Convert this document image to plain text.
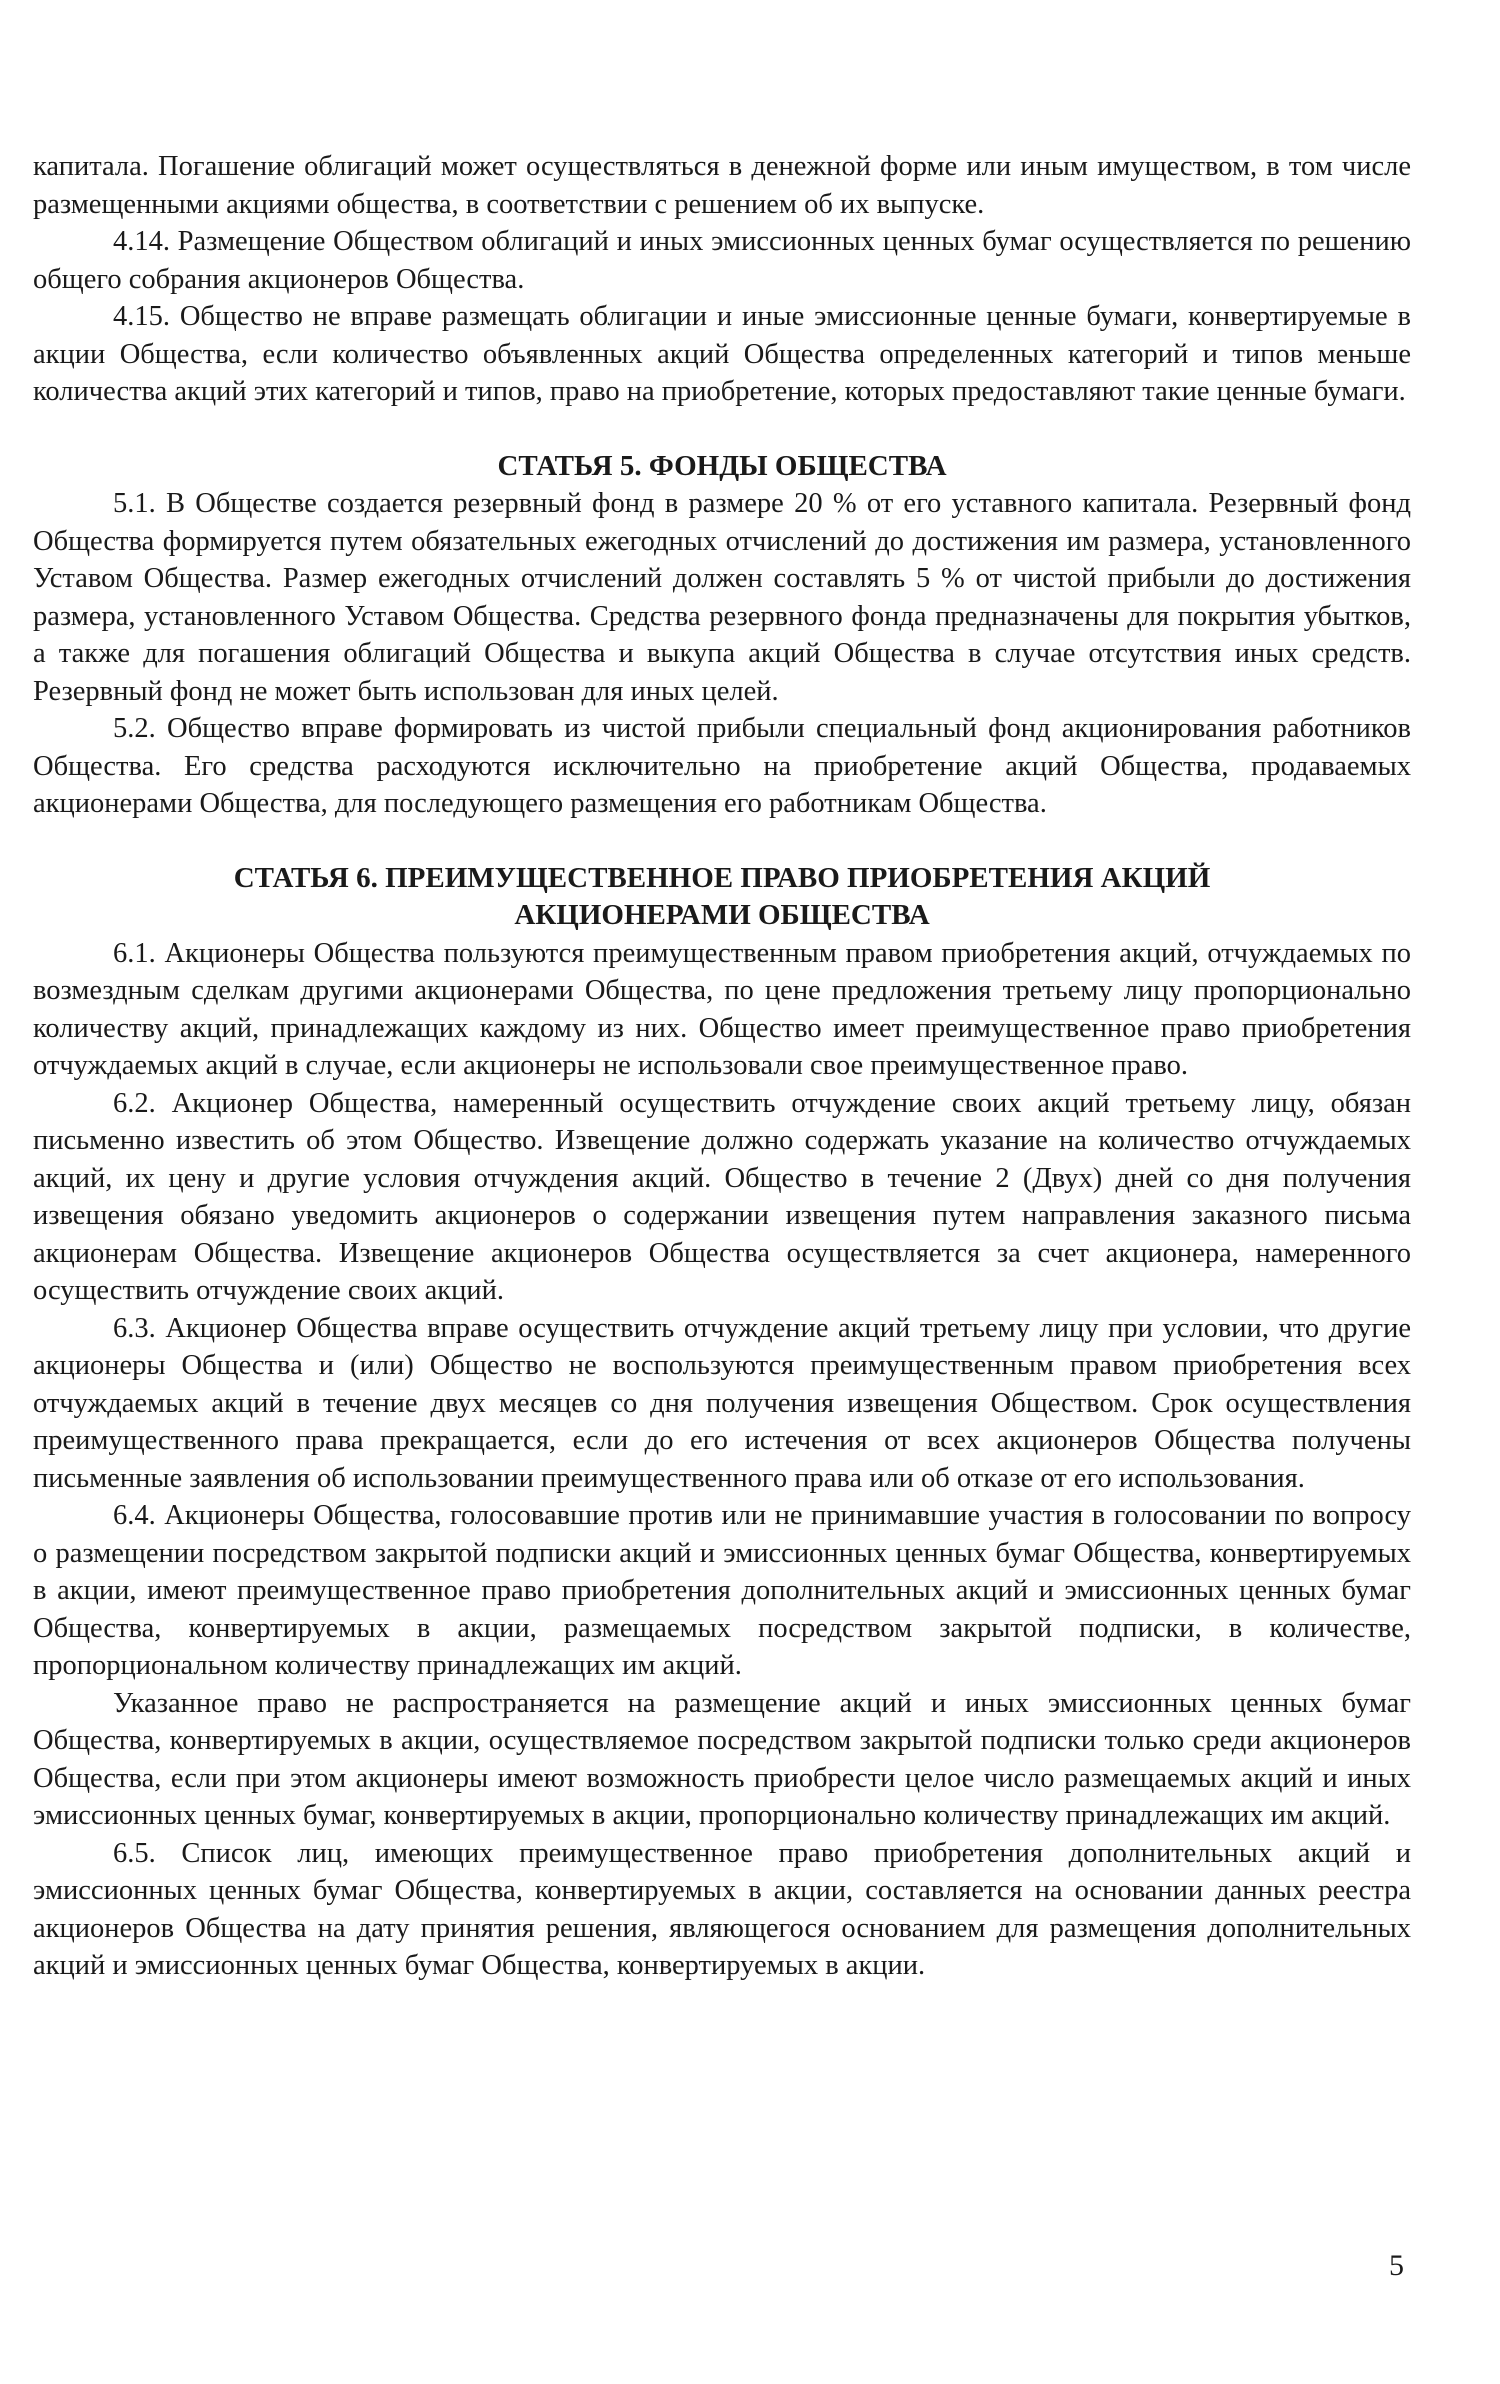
капитала. Погашение облигаций может осуществляться в денежной форме или иным имуществом, в том числе размещенными акциями общества, в соответствии с решением об их выпуске.

4.14. Размещение Обществом облигаций и иных эмиссионных ценных бумаг осуществляется по решению общего собрания акционеров Общества.

4.15. Общество не вправе размещать облигации и иные эмиссионные ценные бумаги, конвертируемые в акции Общества, если количество объявленных акций Общества определенных категорий и типов меньше количества акций этих категорий и типов, право на приобретение, которых предоставляют такие ценные бумаги.

СТАТЬЯ 5. ФОНДЫ ОБЩЕСТВА

5.1. В Обществе создается резервный фонд в размере 20 % от его уставного капитала. Резервный фонд Общества формируется путем обязательных ежегодных отчислений до достижения им размера, установленного Уставом Общества. Размер ежегодных отчислений должен составлять 5 % от чистой прибыли до достижения размера, установленного Уставом Общества. Средства резервного фонда предназначены для покрытия убытков, а также для погашения облигаций Общества и выкупа акций Общества в случае отсутствия иных средств. Резервный фонд не может быть использован для иных целей.

5.2. Общество вправе формировать из чистой прибыли специальный фонд акционирования работников Общества. Его средства расходуются исключительно на приобретение акций Общества, продаваемых акционерами Общества, для последующего размещения его работникам Общества.

СТАТЬЯ 6. ПРЕИМУЩЕСТВЕННОЕ ПРАВО ПРИОБРЕТЕНИЯ АКЦИЙ
АКЦИОНЕРАМИ ОБЩЕСТВА

6.1. Акционеры Общества пользуются преимущественным правом приобретения акций, отчуждаемых по возмездным сделкам другими акционерами Общества, по цене предложения третьему лицу пропорционально количеству акций, принадлежащих каждому из них. Общество имеет преимущественное право приобретения отчуждаемых акций в случае, если акционеры не использовали свое преимущественное право.

6.2. Акционер Общества, намеренный осуществить отчуждение своих акций третьему лицу, обязан письменно известить об этом Общество. Извещение должно содержать указание на количество отчуждаемых акций, их цену и другие условия отчуждения акций. Общество в течение 2 (Двух) дней со дня получения извещения обязано уведомить акционеров о содержании извещения путем направления заказного письма акционерам Общества. Извещение акционеров Общества осуществляется за счет акционера, намеренного осуществить отчуждение своих акций.

6.3. Акционер Общества вправе осуществить отчуждение акций третьему лицу при условии, что другие акционеры Общества и (или) Общество не воспользуются преимущественным правом приобретения всех отчуждаемых акций в течение двух месяцев со дня получения извещения Обществом. Срок осуществления преимущественного права прекращается, если до его истечения от всех акционеров Общества получены письменные заявления об использовании преимущественного права или об отказе от его использования.

6.4. Акционеры Общества, голосовавшие против или не принимавшие участия в голосовании по вопросу о размещении посредством закрытой подписки акций и эмиссионных ценных бумаг Общества, конвертируемых в акции, имеют преимущественное право приобретения дополнительных акций и эмиссионных ценных бумаг Общества, конвертируемых в акции, размещаемых посредством закрытой подписки, в количестве, пропорциональном количеству принадлежащих им акций.

Указанное право не распространяется на размещение акций и иных эмиссионных ценных бумаг Общества, конвертируемых в акции, осуществляемое посредством закрытой подписки только среди акционеров Общества, если при этом акционеры имеют возможность приобрести целое число размещаемых акций и иных эмиссионных ценных бумаг, конвертируемых в акции, пропорционально количеству принадлежащих им акций.

6.5. Список лиц, имеющих преимущественное право приобретения дополнительных акций и эмиссионных ценных бумаг Общества, конвертируемых в акции, составляется на основании данных реестра акционеров Общества на дату принятия решения, являющегося основанием для размещения дополнительных акций и эмиссионных ценных бумаг Общества, конвертируемых в акции.

5
